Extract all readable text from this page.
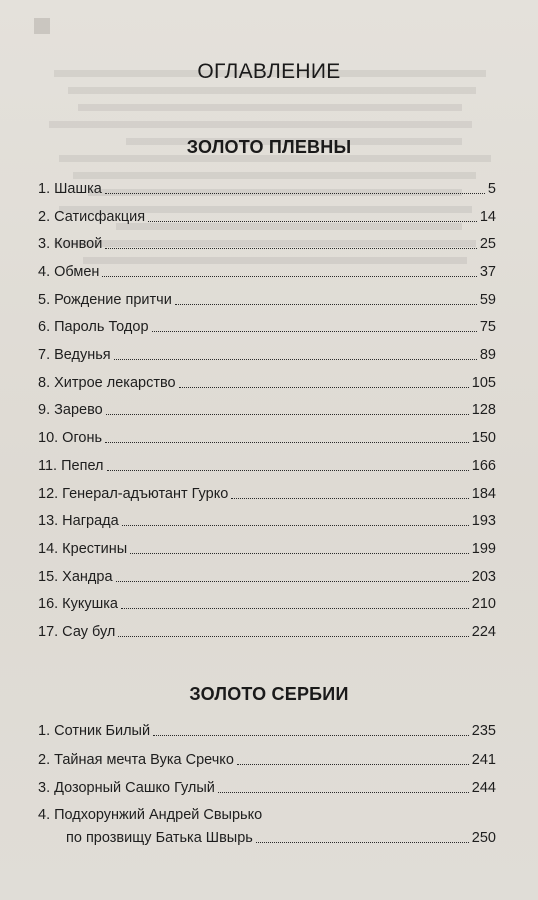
ОГЛАВЛЕНИЕ
ЗОЛОТО ПЛЕВНЫ
1. Шашка	5
2. Сатисфакция	14
3. Конвой	25
4. Обмен	37
5. Рождение притчи	59
6. Пароль Тодор	75
7. Ведунья	89
8. Хитрое лекарство	105
9. Зарево	128
10. Огонь	150
11. Пепел	166
12. Генерал-адъютант Гурко	184
13. Награда	193
14. Крестины	199
15. Хандра	203
16. Кукушка	210
17. Сау бул	224
ЗОЛОТО СЕРБИИ
1. Сотник Билый	235
2. Тайная мечта Вука Сречко	241
3. Дозорный Сашко Гулый	244
4. Подхорунжий Андрей Свырько
по прозвищу Батька Швырь	250
